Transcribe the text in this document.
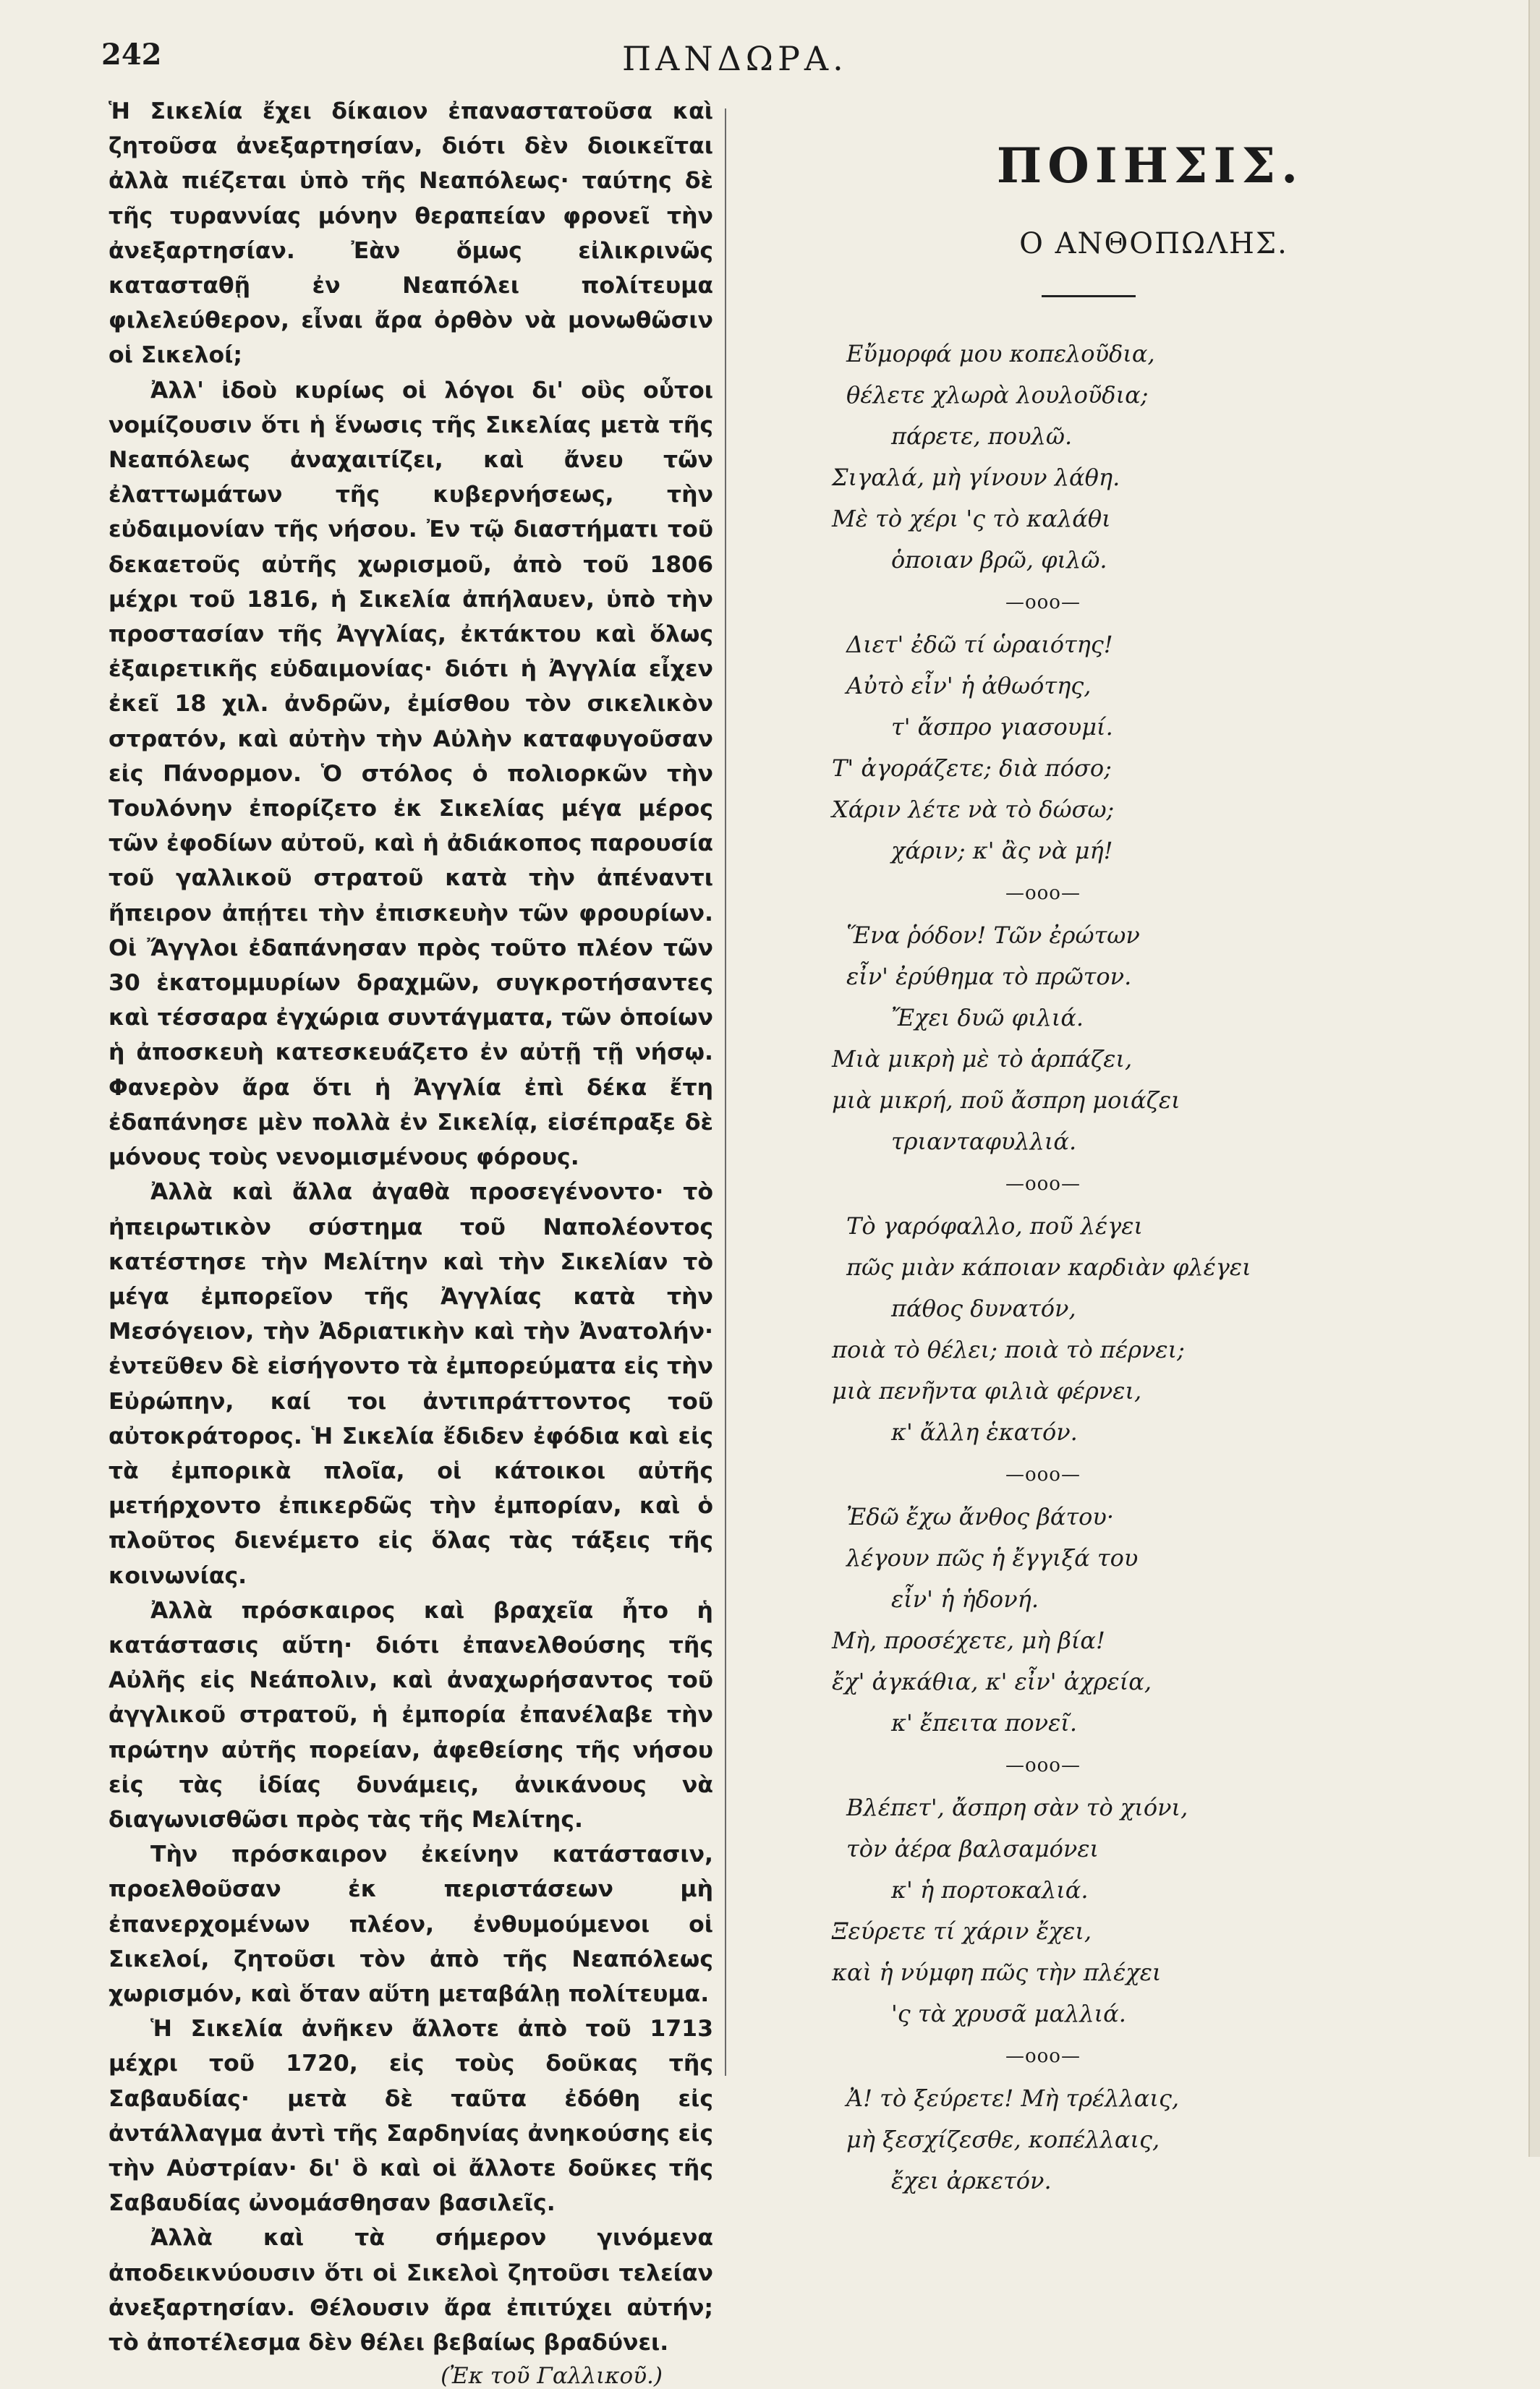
242	ΠΑΝΔΩΡΑ.

Ἡ Σικελία ἔχει δίκαιον ἐπαναστατοῦσα καὶ ζητοῦσα ἀνεξαρτησίαν, διότι δὲν διοικεῖται ἀλλὰ πιέζεται ὑπὸ τῆς Νεαπόλεως· ταύτης δὲ τῆς τυραννίας μόνην θεραπείαν φρονεῖ τὴν ἀνεξαρτησίαν. Ἐὰν ὅμως εἰλικρινῶς κατασταθῇ ἐν Νεαπόλει πολίτευμα φιλελεύθερον, εἶναι ἄρα ὀρθὸν νὰ μονωθῶσιν οἱ Σικελοί;

Ἀλλ' ἰδοὺ κυρίως οἱ λόγοι δι' οὓς οὗτοι νομίζουσιν ὅτι ἡ ἕνωσις τῆς Σικελίας μετὰ τῆς Νεαπόλεως ἀναχαιτίζει, καὶ ἄνευ τῶν ἐλαττωμάτων τῆς κυβερνήσεως, τὴν εὐδαιμονίαν τῆς νήσου. Ἐν τῷ διαστήματι τοῦ δεκαετοῦς αὐτῆς χωρισμοῦ, ἀπὸ τοῦ 1806 μέχρι τοῦ 1816, ἡ Σικελία ἀπήλαυεν, ὑπὸ τὴν προστασίαν τῆς Ἀγγλίας, ἐκτάκτου καὶ ὅλως ἐξαιρετικῆς εὐδαιμονίας· διότι ἡ Ἀγγλία εἶχεν ἐκεῖ 18 χιλ. ἀνδρῶν, ἐμίσθου τὸν σικελικὸν στρατόν, καὶ αὐτὴν τὴν Αὐλὴν καταφυγοῦσαν εἰς Πάνορμον. Ὁ στόλος ὁ πολιορκῶν τὴν Τουλόνην ἐπορίζετο ἐκ Σικελίας μέγα μέρος τῶν ἐφοδίων αὐτοῦ, καὶ ἡ ἀδιάκοπος παρουσία τοῦ γαλλικοῦ στρατοῦ κατὰ τὴν ἀπέναντι ἤπειρον ἀπῄτει τὴν ἐπισκευὴν τῶν φρουρίων. Οἱ Ἄγγλοι ἐδαπάνησαν πρὸς τοῦτο πλέον τῶν 30 ἑκατομμυρίων δραχμῶν, συγκροτήσαντες καὶ τέσσαρα ἐγχώρια συντάγματα, τῶν ὁποίων ἡ ἀποσκευὴ κατεσκευάζετο ἐν αὐτῇ τῇ νήσῳ. Φανερὸν ἄρα ὅτι ἡ Ἀγγλία ἐπὶ δέκα ἔτη ἐδαπάνησε μὲν πολλὰ ἐν Σικελίᾳ, εἰσέπραξε δὲ μόνους τοὺς νενομισμένους φόρους.

Ἀλλὰ καὶ ἄλλα ἀγαθὰ προσεγένοντο· τὸ ἠπειρωτικὸν σύστημα τοῦ Ναπολέοντος κατέστησε τὴν Μελίτην καὶ τὴν Σικελίαν τὸ μέγα ἐμπορεῖον τῆς Ἀγγλίας κατὰ τὴν Μεσόγειον, τὴν Ἀδριατικὴν καὶ τὴν Ἀνατολήν· ἐντεῦθεν δὲ εἰσήγοντο τὰ ἐμπορεύματα εἰς τὴν Εὐρώπην, καί τοι ἀντιπράττοντος τοῦ αὐτοκράτορος. Ἡ Σικελία ἔδιδεν ἐφόδια καὶ εἰς τὰ ἐμπορικὰ πλοῖα, οἱ κάτοικοι αὐτῆς μετήρχοντο ἐπικερδῶς τὴν ἐμπορίαν, καὶ ὁ πλοῦτος διενέμετο εἰς ὅλας τὰς τάξεις τῆς κοινωνίας.

Ἀλλὰ πρόσκαιρος καὶ βραχεῖα ἦτο ἡ κατάστασις αὕτη· διότι ἐπανελθούσης τῆς Αὐλῆς εἰς Νεάπολιν, καὶ ἀναχωρήσαντος τοῦ ἀγγλικοῦ στρατοῦ, ἡ ἐμπορία ἐπανέλαβε τὴν πρώτην αὐτῆς πορείαν, ἀφεθείσης τῆς νήσου εἰς τὰς ἰδίας δυνάμεις, ἀνικάνους νὰ διαγωνισθῶσι πρὸς τὰς τῆς Μελίτης.

Τὴν πρόσκαιρον ἐκείνην κατάστασιν, προελθοῦσαν ἐκ περιστάσεων μὴ ἐπανερχομένων πλέον, ἐνθυμούμενοι οἱ Σικελοί, ζητοῦσι τὸν ἀπὸ τῆς Νεαπόλεως χωρισμόν, καὶ ὅταν αὕτη μεταβάλῃ πολίτευμα.

Ἡ Σικελία ἀνῆκεν ἄλλοτε ἀπὸ τοῦ 1713 μέχρι τοῦ 1720, εἰς τοὺς δοῦκας τῆς Σαβαυδίας· μετὰ δὲ ταῦτα ἐδόθη εἰς ἀντάλλαγμα ἀντὶ τῆς Σαρδηνίας ἀνηκούσης εἰς τὴν Αὐστρίαν· δι' ὃ καὶ οἱ ἄλλοτε δοῦκες τῆς Σαβαυδίας ὠνομάσθησαν βασιλεῖς.

Ἀλλὰ καὶ τὰ σήμερον γινόμενα ἀποδεικνύουσιν ὅτι οἱ Σικελοὶ ζητοῦσι τελείαν ἀνεξαρτησίαν. Θέλουσιν ἄρα ἐπιτύχει αὐτήν; τὸ ἀποτέλεσμα δὲν θέλει βεβαίως βραδύνει.

(Ἐκ τοῦ Γαλλικοῦ.)
ΠΟΙΗΣΙΣ.
Ο ΑΝΘΟΠΩΛΗΣ.
Εὔμορφά μου κοπελοῦδια,
θέλετε χλωρὰ λουλοῦδια;
πάρετε, πουλῶ.
Σιγαλά, μὴ γίνουν λάθη.
Μὲ τὸ χέρι 'ς τὸ καλάθι
ὁποιαν βρῶ, φιλῶ.
—οοο—
Διετ' ἐδῶ τί ὡραιότης!
Αὐτὸ εἶν' ἡ ἀθωότης,
τ' ἄσπρο γιασουμί.
Τ' ἀγοράζετε; διὰ πόσο;
Χάριν λέτε νὰ τὸ δώσω;
χάριν; κ' ἂς νὰ μή!
—οοο—
Ἕνα ῥόδον! Τῶν ἐρώτων
εἶν' ἐρύθημα τὸ πρῶτον.
Ἔχει δυῶ φιλιά.
Μιὰ μικρὴ μὲ τὸ ἁρπάζει,
μιὰ μικρή, ποῦ ἄσπρη μοιάζει
τριανταφυλλιά.
—οοο—
Τὸ γαρόφαλλο, ποῦ λέγει
πῶς μιὰν κάποιαν καρδιὰν φλέγει
πάθος δυνατόν,
ποιὰ τὸ θέλει; ποιὰ τὸ πέρνει;
μιὰ πενῆντα φιλιὰ φέρνει,
κ' ἄλλη ἑκατόν.
—οοο—
Ἐδῶ ἔχω ἄνθος βάτου·
λέγουν πῶς ἡ ἔγγιξά του
εἶν' ἡ ἡδονή.
Μὴ, προσέχετε, μὴ βία!
ἔχ' ἀγκάθια, κ' εἶν' ἀχρεία,
κ' ἔπειτα πονεῖ.
—οοο—
Βλέπετ', ἄσπρη σὰν τὸ χιόνι,
τὸν ἀέρα βαλσαμόνει
κ' ἡ πορτοκαλιά.
Ξεύρετε τί χάριν ἔχει,
καὶ ἡ νύμφη πῶς τὴν πλέχει
'ς τὰ χρυσᾶ μαλλιά.
—οοο—
Ἀ! τὸ ξεύρετε! Μὴ τρέλλαις,
μὴ ξεσχίζεσθε, κοπέλλαις,
ἔχει ἀρκετόν.
